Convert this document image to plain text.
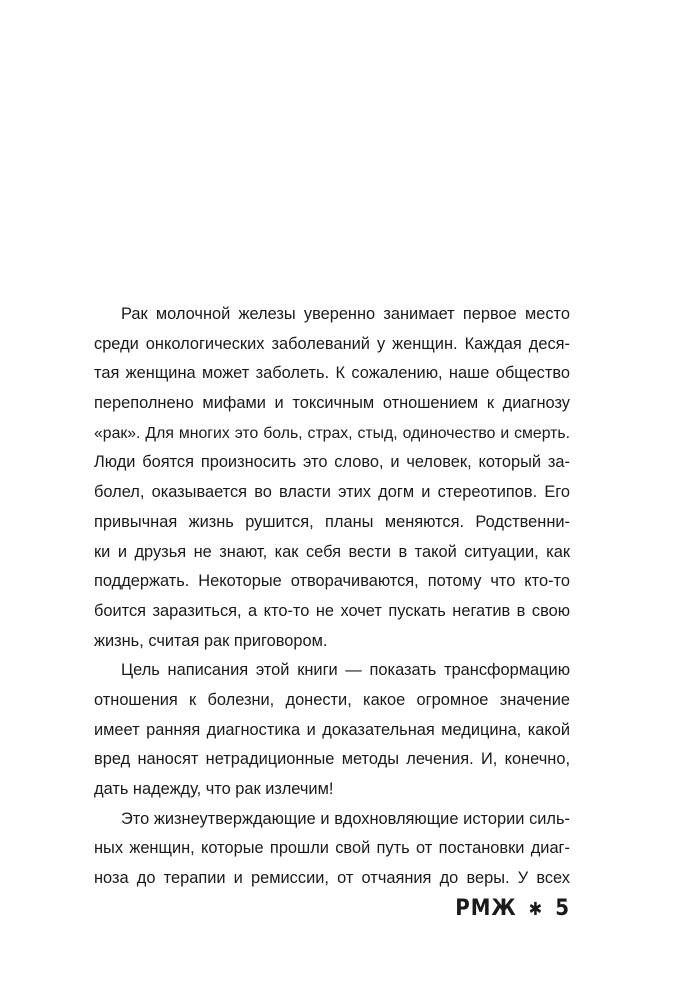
Рак молочной железы уверенно занимает первое место
среди онкологических заболеваний у женщин. Каждая деся-
тая женщина может заболеть. К сожалению, наше общество
переполнено мифами и токсичным отношением к диагнозу
«рак». Для многих это боль, страх, стыд, одиночество и смерть.
Люди боятся произносить это слово, и человек, который за-
болел, оказывается во власти этих догм и стереотипов. Его
привычная жизнь рушится, планы меняются. Родственни-
ки и друзья не знают, как себя вести в такой ситуации, как
поддержать. Некоторые отворачиваются, потому что кто-то
боится заразиться, а кто-то не хочет пускать негатив в свою
жизнь, считая рак приговором.
Цель написания этой книги — показать трансформацию
отношения к болезни, донести, какое огромное значение
имеет ранняя диагностика и доказательная медицина, какой
вред наносят нетрадиционные методы лечения. И, конечно,
дать надежду, что рак излечим!
Это жизнеутверждающие и вдохновляющие истории силь-
ных женщин, которые прошли свой путь от постановки диаг-
ноза до терапии и ремиссии, от отчаяния до веры. У всех
РМЖ ✱ 5
